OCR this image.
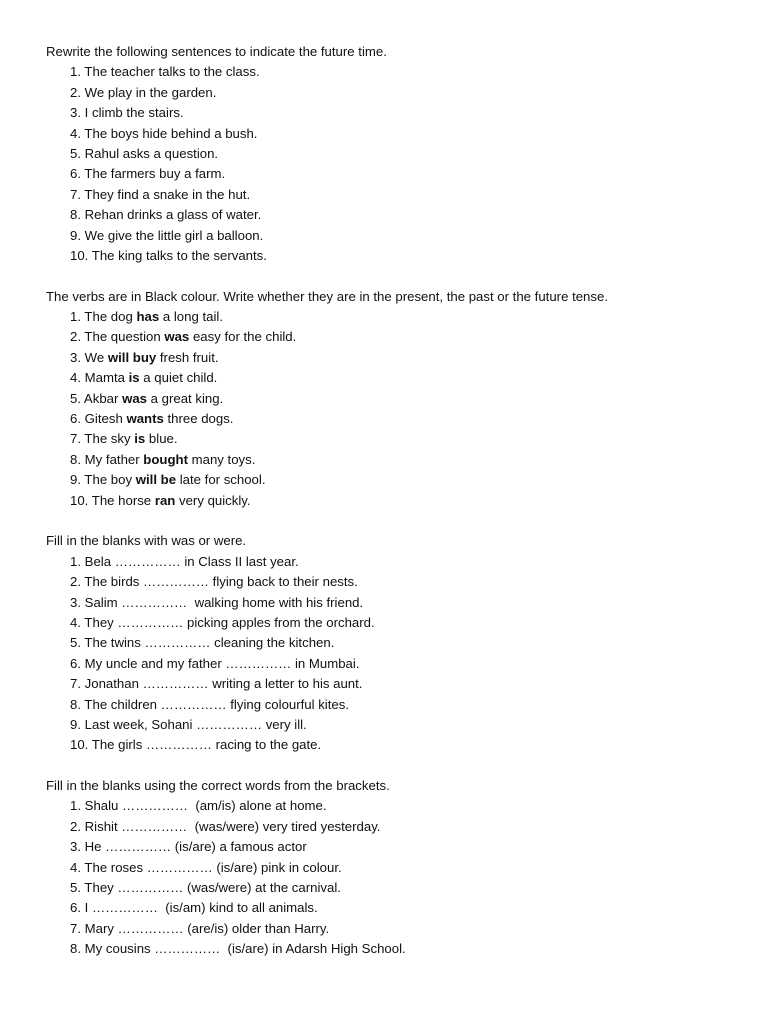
Rewrite the following sentences to indicate the future time.
1. The teacher talks to the class.
2. We play in the garden.
3. I climb the stairs.
4. The boys hide behind a bush.
5. Rahul asks a question.
6. The farmers buy a farm.
7. They find a snake in the hut.
8. Rehan drinks a glass of water.
9. We give the little girl a balloon.
10. The king talks to the servants.
The verbs are in Black colour. Write whether they are in the present, the past or the future tense.
1. The dog has a long tail.
2. The question was easy for the child.
3. We will buy fresh fruit.
4. Mamta is a quiet child.
5. Akbar was a great king.
6. Gitesh wants three dogs.
7. The sky is blue.
8. My father bought many toys.
9. The boy will be late for school.
10. The horse ran very quickly.
Fill in the blanks with was or were.
1. Bela …………… in Class II last year.
2. The birds …………… flying back to their nests.
3. Salim ……………  walking home with his friend.
4. They …………… picking apples from the orchard.
5. The twins …………… cleaning the kitchen.
6. My uncle and my father …………… in Mumbai.
7. Jonathan …………… writing a letter to his aunt.
8. The children …………… flying colourful kites.
9. Last week, Sohani …………… very ill.
10. The girls …………… racing to the gate.
Fill in the blanks using the correct words from the brackets.
1. Shalu ……………  (am/is) alone at home.
2. Rishit ……………  (was/were) very tired yesterday.
3. He …………… (is/are) a famous actor
4. The roses …………… (is/are) pink in colour.
5. They …………… (was/were) at the carnival.
6. I ……………  (is/am) kind to all animals.
7. Mary …………… (are/is) older than Harry.
8. My cousins ……………  (is/are) in Adarsh High School.
